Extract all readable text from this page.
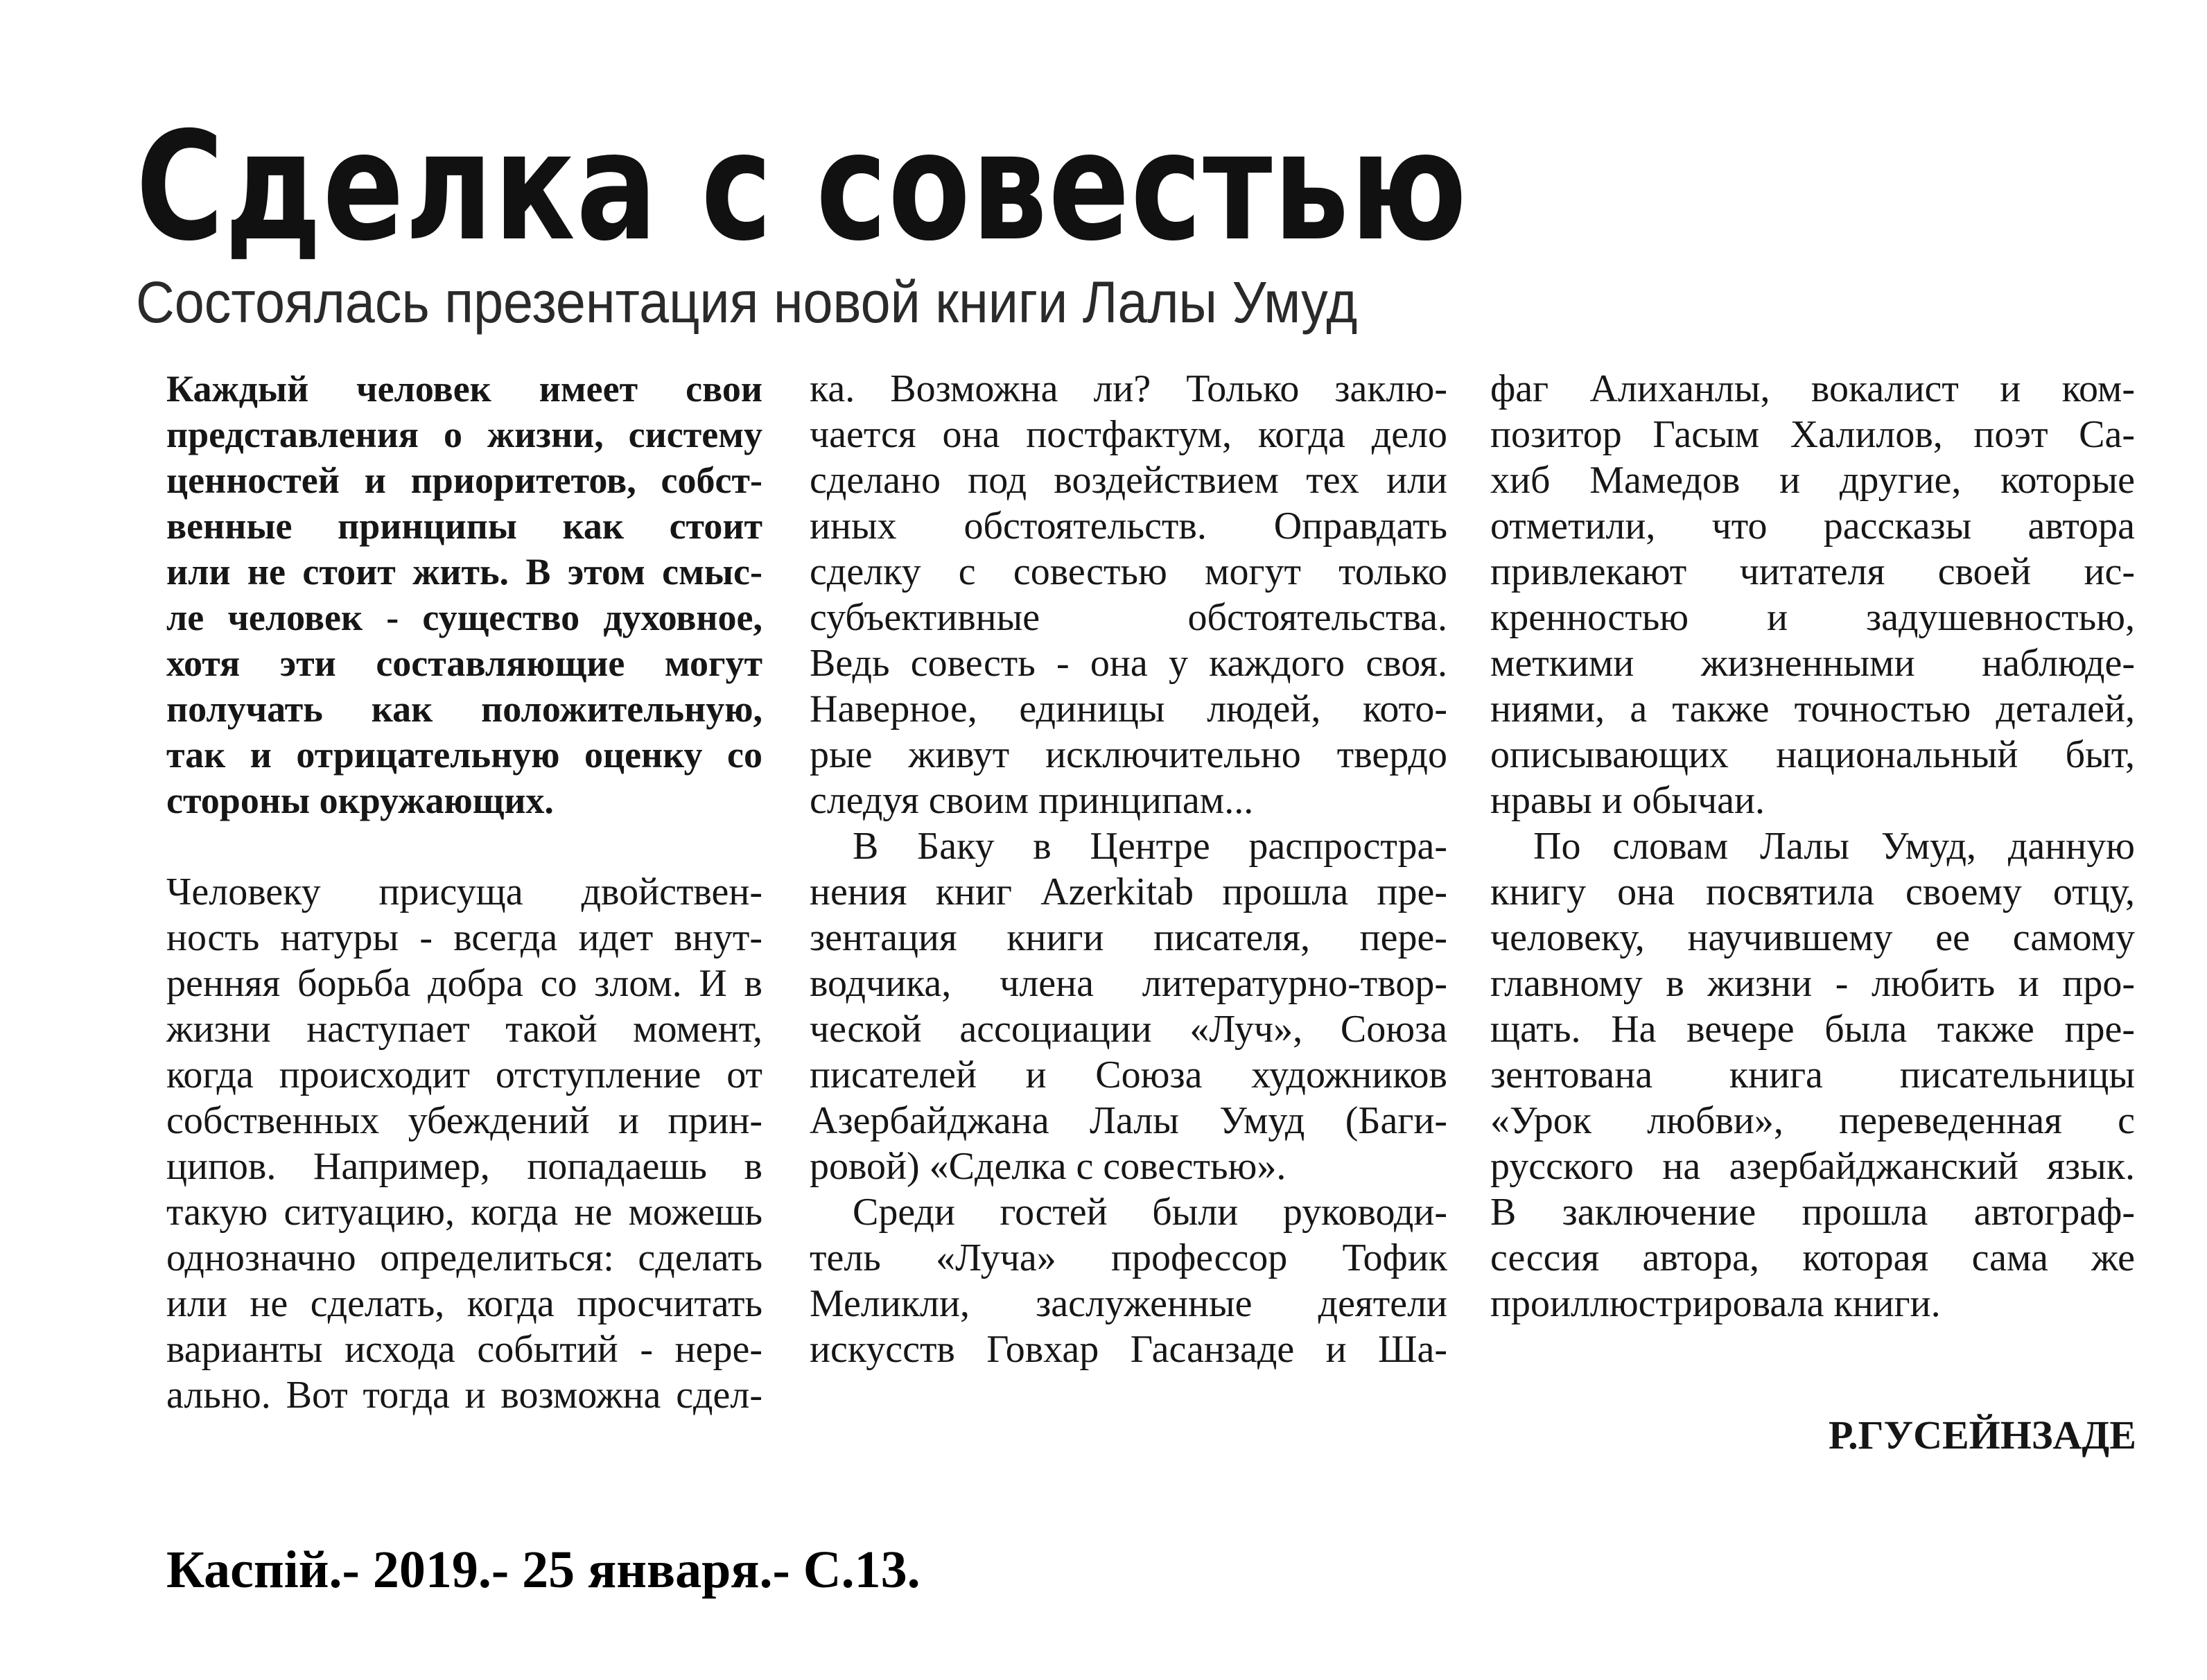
Сделка с совестью
Состоялась презентация новой книги Лалы Умуд
Каждый человек имеет свои
представления о жизни, систему
ценностей и приоритетов, собст-
венные принципы как стоит
или не стоит жить. В этом смыс-
ле человек - существо духовное,
хотя эти составляющие могут
получать как положительную,
так и отрицательную оценку со
стороны окружающих.
Человеку присуща двойствен-
ность натуры - всегда идет внут-
ренняя борьба добра со злом. И в
жизни наступает такой момент,
когда происходит отступление от
собственных убеждений и прин-
ципов. Например, попадаешь в
такую ситуацию, когда не можешь
однозначно определиться: сделать
или не сделать, когда просчитать
варианты исхода событий - нере-
ально. Вот тогда и возможна сдел-
ка. Возможна ли? Только заклю-
чается она постфактум, когда дело
сделано под воздействием тех или
иных обстоятельств. Оправдать
сделку с совестью могут только
субъективные обстоятельства.
Ведь совесть - она у каждого своя.
Наверное, единицы людей, кото-
рые живут исключительно твердо
следуя своим принципам...
В Баку в Центре распростра-
нения книг Azerkitab прошла пре-
зентация книги писателя, пере-
водчика, члена литературно-твор-
ческой ассоциации «Луч», Союза
писателей и Союза художников
Азербайджана Лалы Умуд (Баги-
ровой) «Сделка с совестью».
Среди гостей были руководи-
тель «Луча» профессор Тофик
Меликли, заслуженные деятели
искусств Говхар Гасанзаде и Ша-
фаг Алиханлы, вокалист и ком-
позитор Гасым Халилов, поэт Са-
хиб Мамедов и другие, которые
отметили, что рассказы автора
привлекают читателя своей ис-
кренностью и задушевностью,
меткими жизненными наблюде-
ниями, а также точностью деталей,
описывающих национальный быт,
нравы и обычаи.
По словам Лалы Умуд, данную
книгу она посвятила своему отцу,
человеку, научившему ее самому
главному в жизни - любить и про-
щать. На вечере была также пре-
зентована книга писательницы
«Урок любви», переведенная с
русского на азербайджанский язык.
В заключение прошла автограф-
сессия автора, которая сама же
проиллюстрировала книги.

Р.ГУСЕЙНЗАДЕ

Каспій.- 2019.- 25 января.- С.13.
